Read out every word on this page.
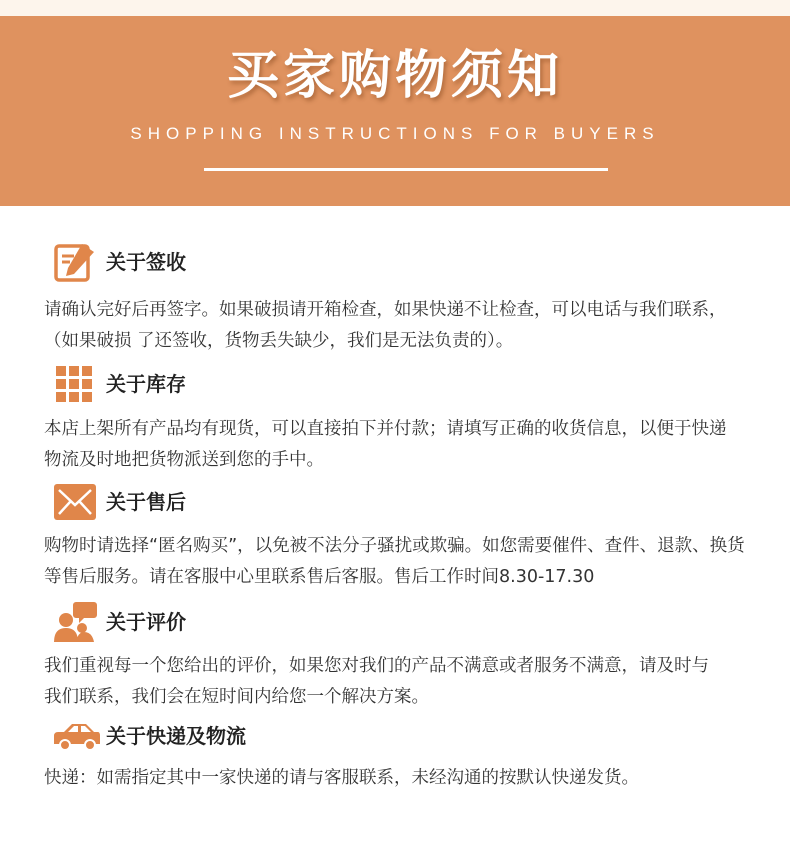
买家购物须知
SHOPPING INSTRUCTIONS FOR BUYERS
关于签收

请确认完好后再签字。如果破损请开箱检查，如果快递不让检查，可以电话与我们联系，

（如果破损 了还签收，货物丢失缺少，我们是无法负责的）。

关于库存

本店上架所有产品均有现货，可以直接拍下并付款；请填写正确的收货信息，以便于快递

物流及时地把货物派送到您的手中。

关于售后

购物时请选择“匿名购买”，以免被不法分子骚扰或欺骗。如您需要催件、查件、退款、换货

等售后服务。请在客服中心里联系售后客服。售后工作时间8.30-17.30

关于评价

我们重视每一个您给出的评价，如果您对我们的产品不满意或者服务不满意，请及时与

我们联系，我们会在短时间内给您一个解决方案。

关于快递及物流

快递：如需指定其中一家快递的请与客服联系，未经沟通的按默认快递发货。
